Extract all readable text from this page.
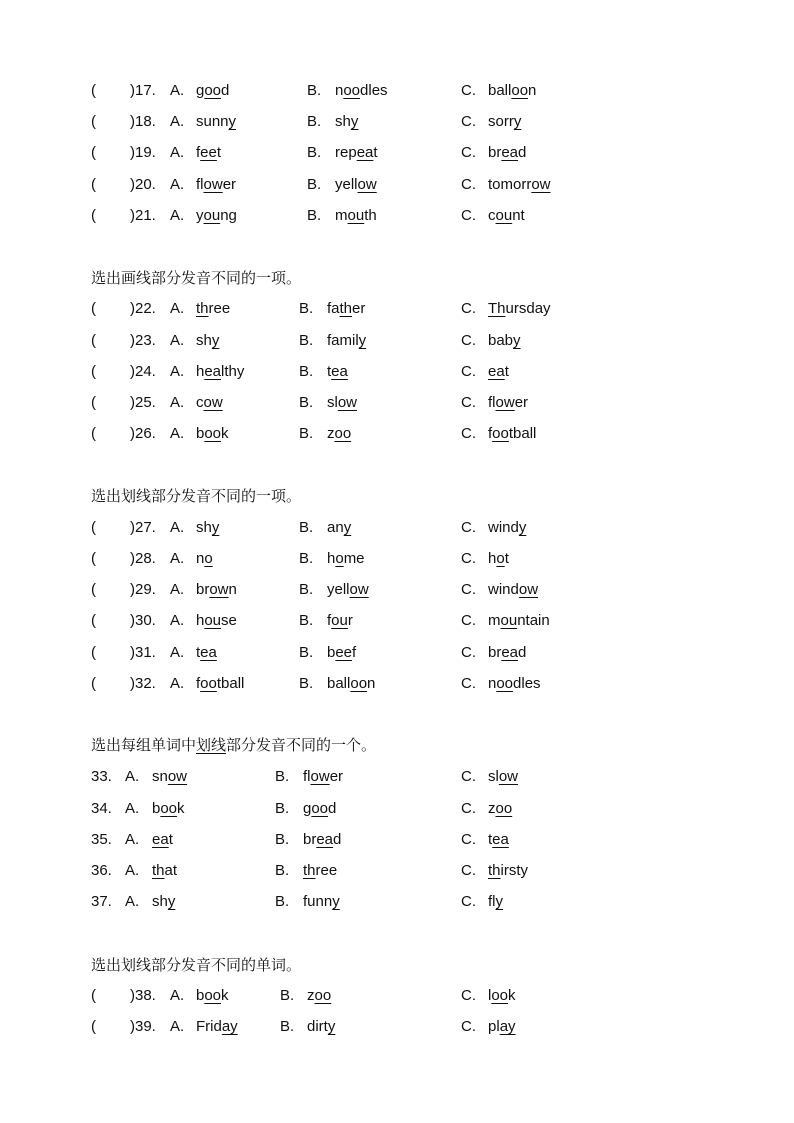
( )17. A. good	B. noodles	C. balloon
( )18. A. sunny	B. shy	C. sorry
( )19. A. feet	B. repeat	C. bread
( )20. A. flower	B. yellow	C. tomorrow
( )21. A. young	B. mouth	C. count
选出画线部分发音不同的一项。
( )22. A. three	B. father	C. Thursday
( )23. A. shy	B. family	C. baby
( )24. A. healthy	B. tea	C. eat
( )25. A. cow	B. slow	C. flower
( )26. A. book	B. zoo	C. football
选出划线部分发音不同的一项。
( )27. A. shy	B. any	C. windy
( )28. A. no	B. home	C. hot
( )29. A. brown	B. yellow	C. window
( )30. A. house	B. four	C. mountain
( )31. A. tea	B. beef	C. bread
( )32. A. football	B. balloon	C. noodles
选出每组单词中划线部分发音不同的一个。
33. A. snow	B. flower	C. slow
34. A. book	B. good	C. zoo
35. A. eat	B. bread	C. tea
36. A. that	B. three	C. thirsty
37. A. shy	B. funny	C. fly
选出划线部分发音不同的单词。
( )38. A. book	B. zoo	C. look
( )39. A. Friday	B. dirty	C. play
